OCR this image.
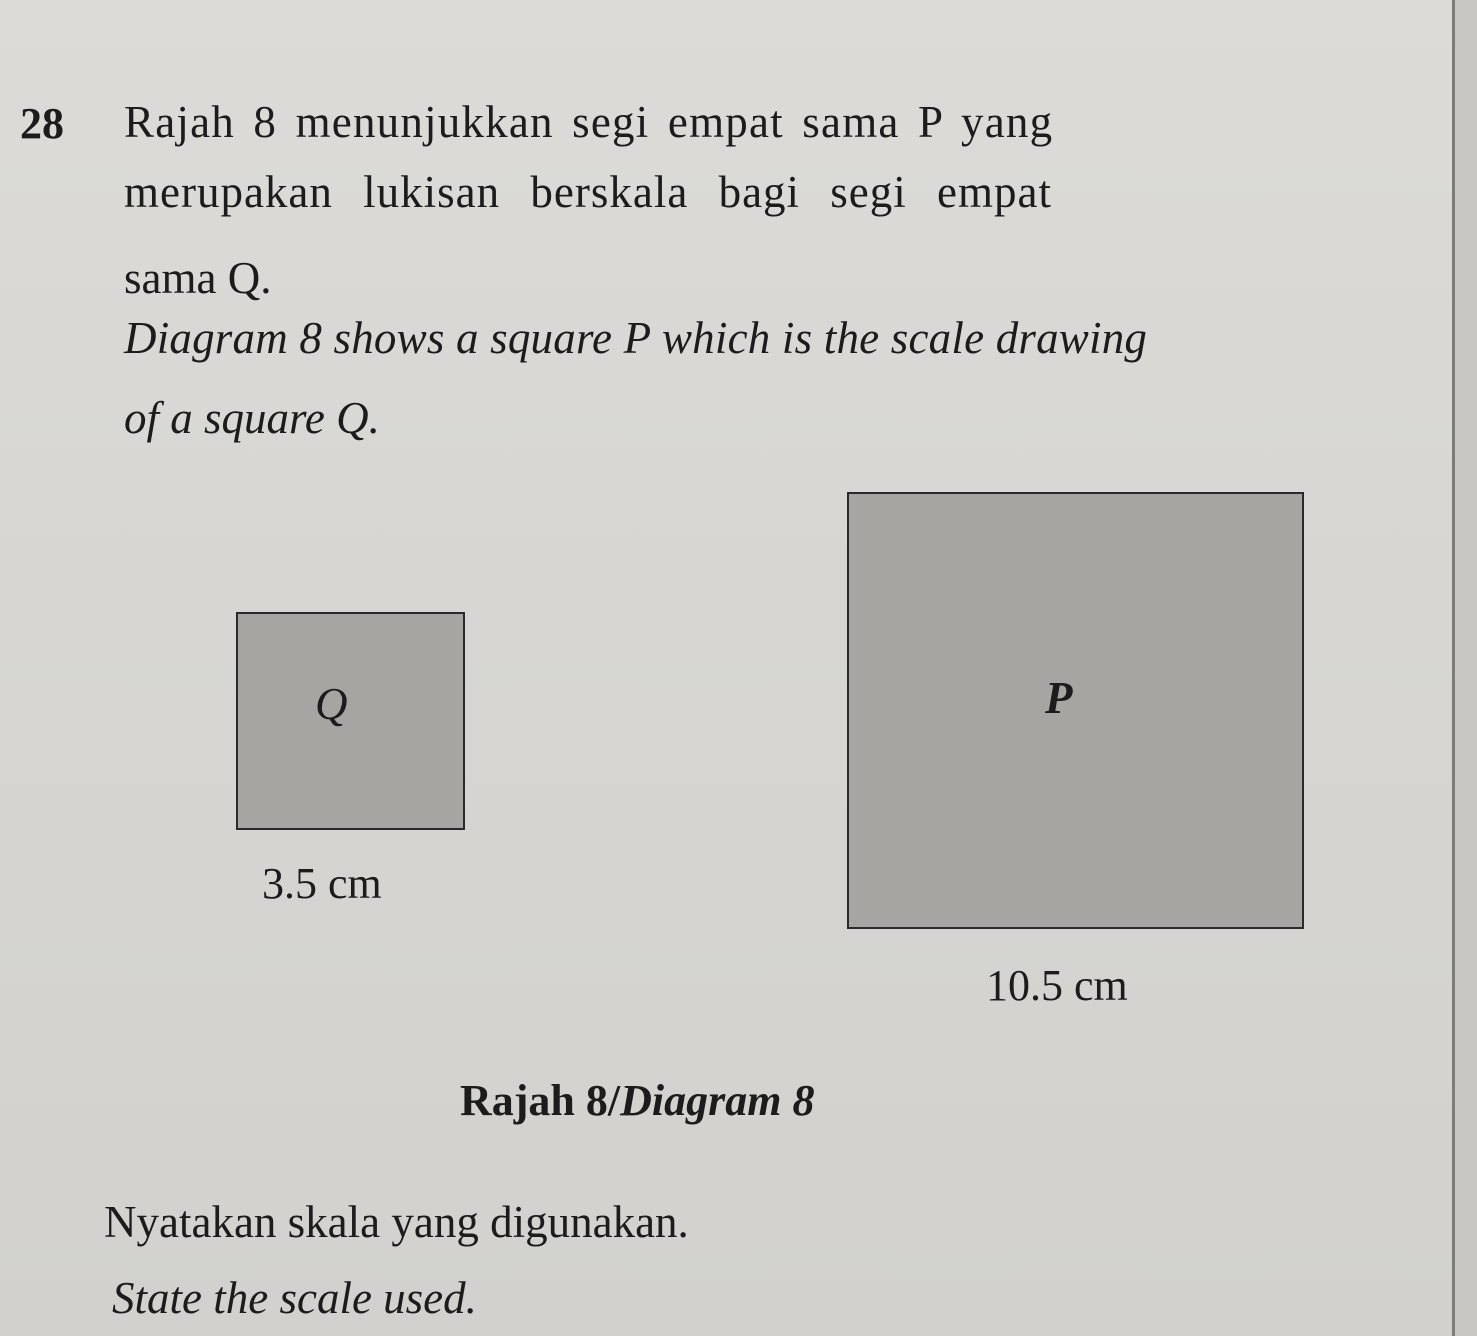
28 Rajah 8 menunjukkan segi empat sama P yang
merupakan lukisan berskala bagi segi empat
sama Q.
Diagram 8 shows a square P which is the scale drawing
of a square Q.
Q
3.5 cm
P
10.5 cm
Rajah 8/Diagram 8
Nyatakan skala yang digunakan.
State the scale used.
